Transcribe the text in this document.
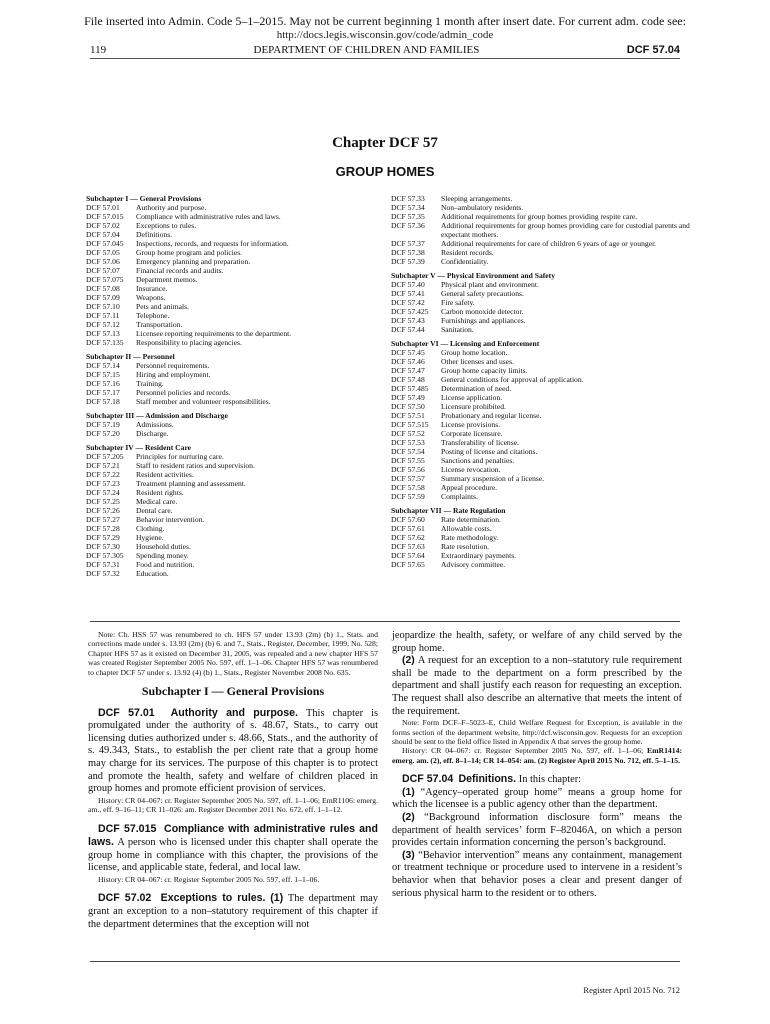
File inserted into Admin. Code 5–1–2015. May not be current beginning 1 month after insert date. For current adm. code see:
http://docs.legis.wisconsin.gov/code/admin_code
119	DEPARTMENT OF CHILDREN AND FAMILIES	DCF 57.04
Chapter DCF 57
GROUP HOMES
Subchapter I — General Provisions
DCF 57.01	Authority and purpose.
DCF 57.015	Compliance with administrative rules and laws.
DCF 57.02	Exceptions to rules.
DCF 57.04	Definitions.
DCF 57.045	Inspections, records, and requests for information.
DCF 57.05	Group home program and policies.
DCF 57.06	Emergency planning and preparation.
DCF 57.07	Financial records and audits.
DCF 57.075	Department memos.
DCF 57.08	Insurance.
DCF 57.09	Weapons.
DCF 57.10	Pets and animals.
DCF 57.11	Telephone.
DCF 57.12	Transportation.
DCF 57.13	Licensee reporting requirements to the department.
DCF 57.135	Responsibility to placing agencies.
Subchapter II — Personnel
DCF 57.14	Personnel requirements.
DCF 57.15	Hiring and employment.
DCF 57.16	Training.
DCF 57.17	Personnel policies and records.
DCF 57.18	Staff member and volunteer responsibilities.
Subchapter III — Admission and Discharge
DCF 57.19	Admissions.
DCF 57.20	Discharge.
Subchapter IV — Resident Care
DCF 57.205	Principles for nurturing care.
DCF 57.21	Staff to resident ratios and supervision.
DCF 57.22	Resident activities.
DCF 57.23	Treatment planning and assessment.
DCF 57.24	Resident rights.
DCF 57.25	Medical care.
DCF 57.26	Dental care.
DCF 57.27	Behavior intervention.
DCF 57.28	Clothing.
DCF 57.29	Hygiene.
DCF 57.30	Household duties.
DCF 57.305	Spending money.
DCF 57.31	Food and nutrition.
DCF 57.32	Education.
DCF 57.33	Sleeping arrangements.
DCF 57.34	Non–ambulatory residents.
DCF 57.35	Additional requirements for group homes providing respite care.
DCF 57.36	Additional requirements for group homes providing care for custodial parents and expectant mothers.
DCF 57.37	Additional requirements for care of children 6 years of age or younger.
DCF 57.38	Resident records.
DCF 57.39	Confidentiality.
Subchapter V — Physical Environment and Safety
DCF 57.40	Physical plant and environment.
DCF 57.41	General safety precautions.
DCF 57.42	Fire safety.
DCF 57.425	Carbon monoxide detector.
DCF 57.43	Furnishings and appliances.
DCF 57.44	Sanitation.
Subchapter VI — Licensing and Enforcement
DCF 57.45	Group home location.
DCF 57.46	Other licenses and uses.
DCF 57.47	Group home capacity limits.
DCF 57.48	General conditions for approval of application.
DCF 57.485	Determination of need.
DCF 57.49	License application.
DCF 57.50	Licensure prohibited.
DCF 57.51	Probationary and regular license.
DCF 57.515	License provisions.
DCF 57.52	Corporate licensure.
DCF 57.53	Transferability of license.
DCF 57.54	Posting of license and citations.
DCF 57.55	Sanctions and penalties.
DCF 57.56	License revocation.
DCF 57.57	Summary suspension of a license.
DCF 57.58	Appeal procedure.
DCF 57.59	Complaints.
Subchapter VII — Rate Regulation
DCF 57.60	Rate determination.
DCF 57.61	Allowable costs.
DCF 57.62	Rate methodology.
DCF 57.63	Rate resolution.
DCF 57.64	Extraordinary payments.
DCF 57.65	Advisory committee.

Note: Ch. HSS 57 was renumbered to ch. HFS 57 under 13.93 (2m) (b) 1., Stats. and corrections made under s. 13.93 (2m) (b) 6. and 7., Stats., Register, December, 1999, No. 528; Chapter HFS 57 as it existed on December 31, 2005, was repealed and a new chapter HFS 57 was created Register September 2005 No. 597, eff. 1–1–06. Chapter HFS 57 was renumbered to chapter DCF 57 under s. 13.92 (4) (b) 1., Stats., Register November 2008 No. 635.

Subchapter I — General Provisions

DCF 57.01 Authority and purpose. This chapter is promulgated under the authority of s. 48.67, Stats., to carry out licensing duties authorized under s. 48.66, Stats., and the authority of s. 49.343, Stats., to establish the per client rate that a group home may charge for its services. The purpose of this chapter is to protect and promote the health, safety and welfare of children placed in group homes and promote efficient provision of services.

History: CR 04–067: cr. Register September 2005 No. 597, eff. 1–1–06; EmR1106: emerg. am., eff. 9–16–11; CR 11–026: am. Register December 2011 No. 672, eff. 1–1–12.

DCF 57.015 Compliance with administrative rules and laws. A person who is licensed under this chapter shall operate the group home in compliance with this chapter, the provisions of the license, and applicable state, federal, and local law.

History: CR 04–067: cr. Register September 2005 No. 597, eff. 1–1–06.

DCF 57.02 Exceptions to rules. (1) The department may grant an exception to a non–statutory requirement of this chapter if the department determines that the exception will not

jeopardize the health, safety, or welfare of any child served by the group home.

(2) A request for an exception to a non–statutory rule requirement shall be made to the department on a form prescribed by the department and shall justify each reason for requesting an exception. The request shall also describe an alternative that meets the intent of the requirement.

Note: Form DCF–F–5023–E, Child Welfare Request for Exception, is available in the forms section of the department website, http://dcf.wisconsin.gov. Requests for an exception should be sent to the field office listed in Appendix A that serves the group home.

History: CR 04–067: cr. Register September 2005 No. 597, eff. 1–1–06; EmR1414: emerg. am. (2), eff. 8–1–14; CR 14–054: am. (2) Register April 2015 No. 712, eff. 5–1–15.

DCF 57.04 Definitions. In this chapter:

(1) “Agency–operated group home” means a group home for which the licensee is a public agency other than the department.

(2) “Background information disclosure form” means the department of health services’ form F–82046A, on which a person provides certain information concerning the person’s background.

(3) “Behavior intervention” means any containment, management or treatment technique or procedure used to intervene in a resident’s behavior when that behavior poses a clear and present danger of serious physical harm to the resident or to others.

Register April 2015 No. 712
